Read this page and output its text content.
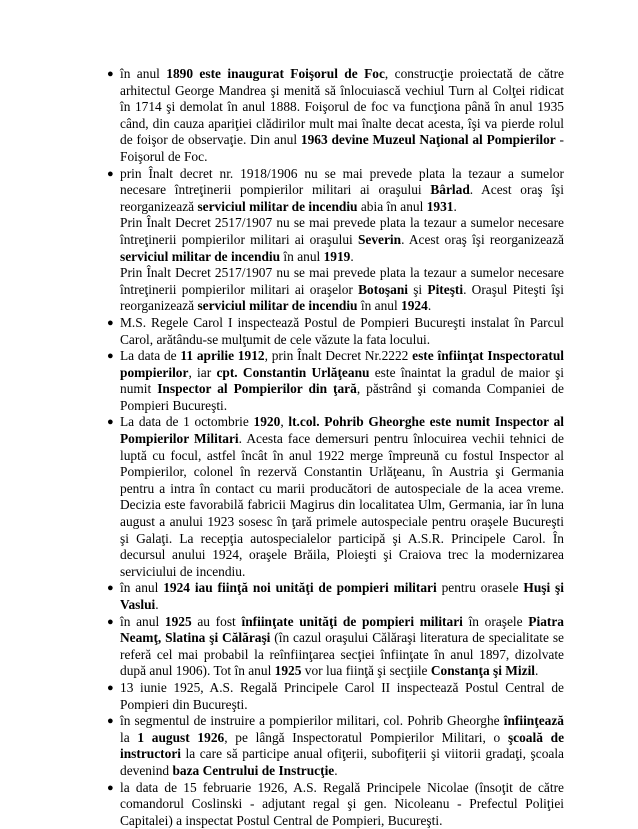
● în anul 1890 este inaugurat Foişorul de Foc, construcţie proiectată de către arhitectul George Mandrea şi menită să înlocuiască vechiul Turn al Colţei ridicat în 1714 şi demolat în anul 1888. Foişorul de foc va funcţiona până în anul 1935 când, din cauza apariţiei clădirilor mult mai înalte decat acesta, îşi va pierde rolul de foişor de observaţie. Din anul 1963 devine Muzeul Naţional al Pompierilor - Foişorul de Foc.
● prin Înalt decret nr. 1918/1906 nu se mai prevede plata la tezaur a sumelor necesare întreţinerii pompierilor militari ai oraşului Bârlad. Acest oraş îşi reorganizează serviciul militar de incendiu abia în anul 1931.
Prin Înalt Decret 2517/1907 nu se mai prevede plata la tezaur a sumelor necesare întreţinerii pompierilor militari ai oraşului Severin. Acest oraş îşi reorganizează serviciul militar de incendiu în anul 1919.
Prin Înalt Decret 2517/1907 nu se mai prevede plata la tezaur a sumelor necesare întreţinerii pompierilor militari ai oraşelor Botoşani şi Piteşti. Oraşul Piteşti îşi reorganizează serviciul militar de incendiu în anul 1924.
● M.S. Regele Carol I inspectează Postul de Pompieri Bucureşti instalat în Parcul Carol, arătându-se mulţumit de cele văzute la fata locului.
● La data de 11 aprilie 1912, prin Înalt Decret Nr.2222 este înfiinţat Inspectoratul pompierilor, iar cpt. Constantin Urlăţeanu este înaintat la gradul de maior şi numit Inspector al Pompierilor din ţară, păstrând şi comanda Companiei de Pompieri Bucureşti.
● La data de 1 octombrie 1920, lt.col. Pohrib Gheorghe este numit Inspector al Pompierilor Militari. Acesta face demersuri pentru înlocuirea vechii tehnici de luptă cu focul, astfel încât în anul 1922 merge împreună cu fostul Inspector al Pompierilor, colonel în rezervă Constantin Urlăţeanu, în Austria şi Germania pentru a intra în contact cu marii producători de autospeciale de la acea vreme. Decizia este favorabilă fabricii Magirus din localitatea Ulm, Germania, iar în luna august a anului 1923 sosesc în ţară primele autospeciale pentru oraşele Bucureşti şi Galaţi. La recepţia autospecialelor participă şi A.S.R. Principele Carol. În decursul anului 1924, oraşele Brăila, Ploieşti şi Craiova trec la modernizarea serviciului de incendiu.
● în anul 1924 iau fiinţă noi unităţi de pompieri militari pentru orasele Huşi şi Vaslui.
● în anul 1925 au fost înfiinţate unităţi de pompieri militari în oraşele Piatra Neamţ, Slatina şi Călăraşi (în cazul oraşului Călăraşi literatura de specialitate se referă cel mai probabil la reînfiinţarea secţiei înfiinţate în anul 1897, dizolvate după anul 1906). Tot în anul 1925 vor lua fiinţă şi secţiile Constanţa şi Mizil.
● 13 iunie 1925, A.S. Regală Principele Carol II inspectează Postul Central de Pompieri din Bucureşti.
● în segmentul de instruire a pompierilor militari, col. Pohrib Gheorghe înfiinţează la 1 august 1926, pe lângă Inspectoratul Pompierilor Militari, o şcoală de instructori la care să participe anual ofiţerii, subofiţerii şi viitorii gradaţi, şcoala devenind baza Centrului de Instrucţie.
● la data de 15 februarie 1926, A.S. Regală Principele Nicolae (însoţit de către comandorul Coslinski - adjutant regal şi gen. Nicoleanu - Prefectul Poliţiei Capitalei) a inspectat Postul Central de Pompieri, Bucureşti.
